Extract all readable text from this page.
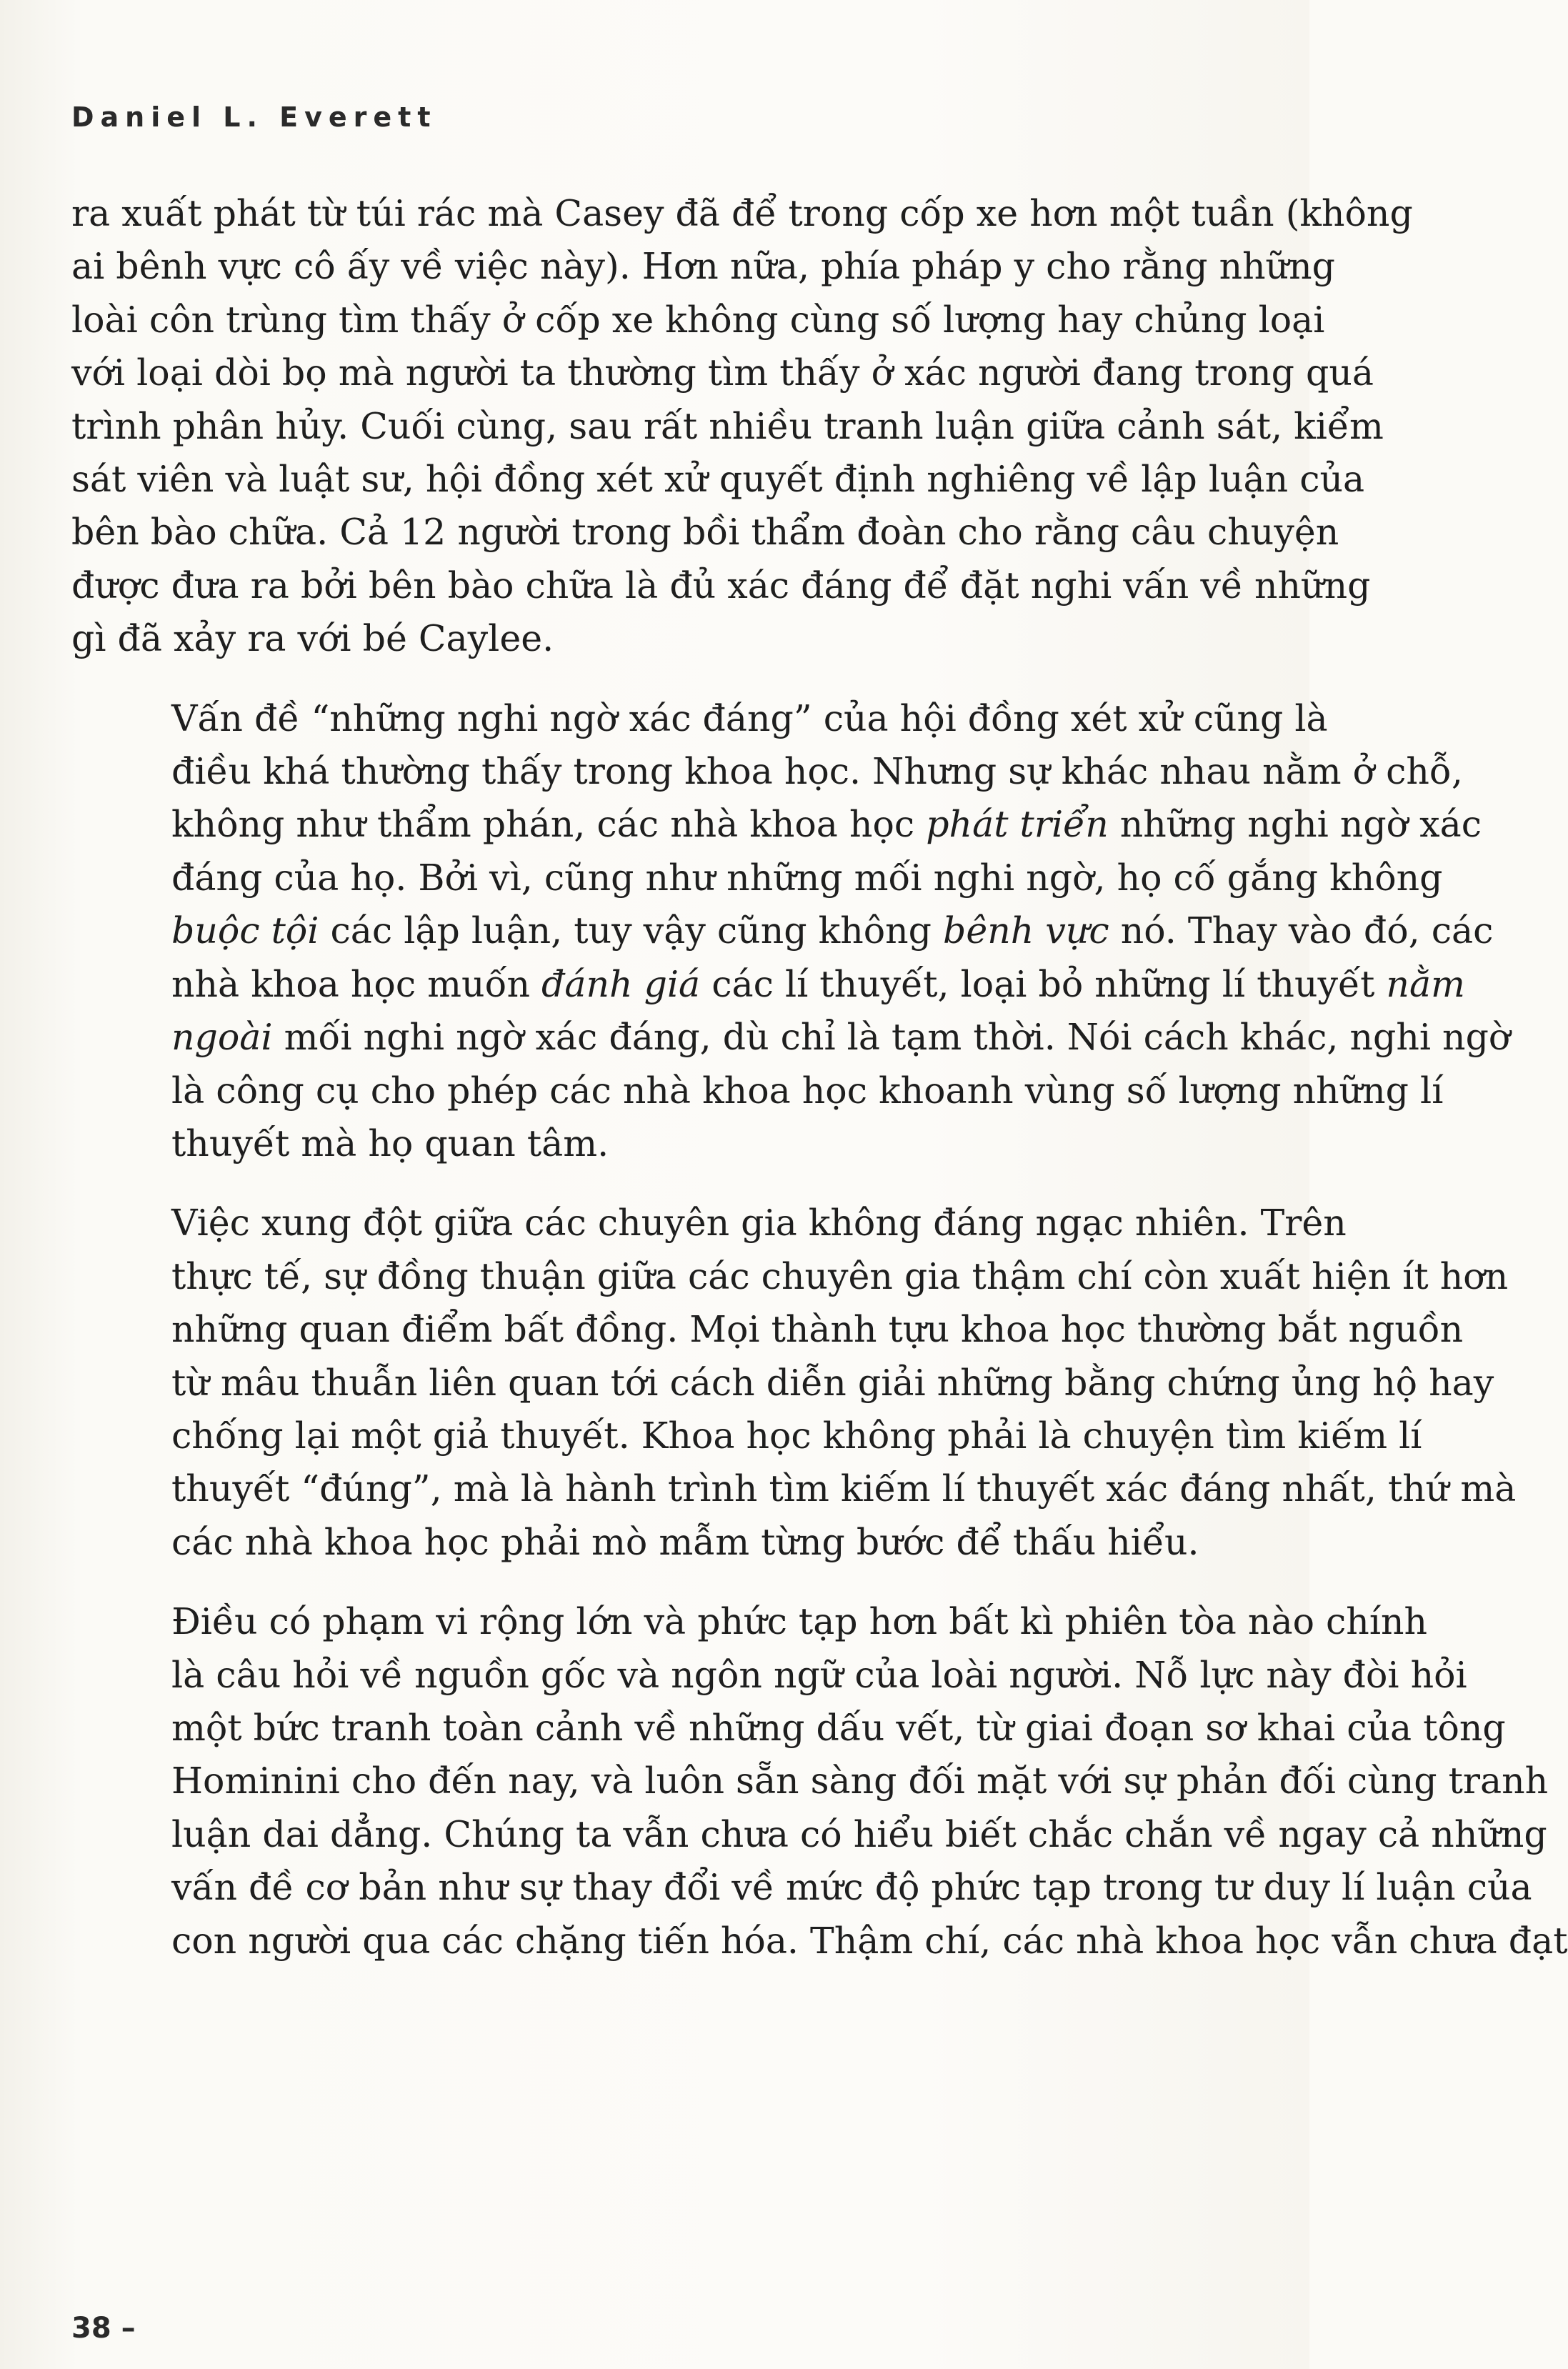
Daniel L. Everett

ra xuất phát từ túi rác mà Casey đã để trong cốp xe hơn một tuần (không
ai bênh vực cô ấy về việc này). Hơn nữa, phía pháp y cho rằng những
loài côn trùng tìm thấy ở cốp xe không cùng số lượng hay chủng loại
với loại dòi bọ mà người ta thường tìm thấy ở xác người đang trong quá
trình phân hủy. Cuối cùng, sau rất nhiều tranh luận giữa cảnh sát, kiểm
sát viên và luật sư, hội đồng xét xử quyết định nghiêng về lập luận của
bên bào chữa. Cả 12 người trong bồi thẩm đoàn cho rằng câu chuyện
được đưa ra bởi bên bào chữa là đủ xác đáng để đặt nghi vấn về những
gì đã xảy ra với bé Caylee.

Vấn đề “những nghi ngờ xác đáng” của hội đồng xét xử cũng là
điều khá thường thấy trong khoa học. Nhưng sự khác nhau nằm ở chỗ,
không như thẩm phán, các nhà khoa học phát triển những nghi ngờ xác
đáng của họ. Bởi vì, cũng như những mối nghi ngờ, họ cố gắng không
buộc tội các lập luận, tuy vậy cũng không bênh vực nó. Thay vào đó, các
nhà khoa học muốn đánh giá các lí thuyết, loại bỏ những lí thuyết nằm
ngoài mối nghi ngờ xác đáng, dù chỉ là tạm thời. Nói cách khác, nghi ngờ
là công cụ cho phép các nhà khoa học khoanh vùng số lượng những lí
thuyết mà họ quan tâm.

Việc xung đột giữa các chuyên gia không đáng ngạc nhiên. Trên
thực tế, sự đồng thuận giữa các chuyên gia thậm chí còn xuất hiện ít hơn
những quan điểm bất đồng. Mọi thành tựu khoa học thường bắt nguồn
từ mâu thuẫn liên quan tới cách diễn giải những bằng chứng ủng hộ hay
chống lại một giả thuyết. Khoa học không phải là chuyện tìm kiếm lí
thuyết “đúng”, mà là hành trình tìm kiếm lí thuyết xác đáng nhất, thứ mà
các nhà khoa học phải mò mẫm từng bước để thấu hiểu.

Điều có phạm vi rộng lớn và phức tạp hơn bất kì phiên tòa nào chính
là câu hỏi về nguồn gốc và ngôn ngữ của loài người. Nỗ lực này đòi hỏi
một bức tranh toàn cảnh về những dấu vết, từ giai đoạn sơ khai của tông
Hominini cho đến nay, và luôn sẵn sàng đối mặt với sự phản đối cùng tranh
luận dai dẳng. Chúng ta vẫn chưa có hiểu biết chắc chắn về ngay cả những
vấn đề cơ bản như sự thay đổi về mức độ phức tạp trong tư duy lí luận của
con người qua các chặng tiến hóa. Thậm chí, các nhà khoa học vẫn chưa đạt

38 –
